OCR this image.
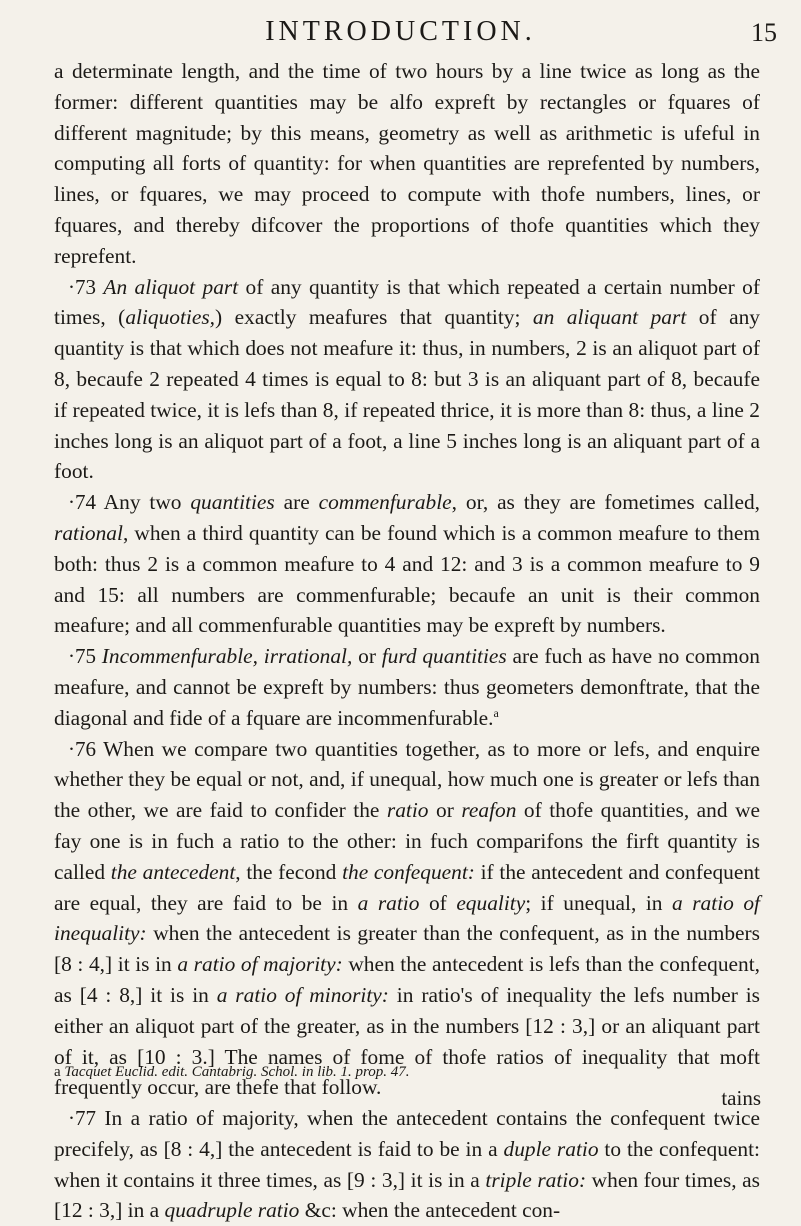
INTRODUCTION.	15

a determinate length, and the time of two hours by a line twice as long as the former: different quantities may be alfo expreft by rectangles or fquares of different magnitude; by this means, geometry as well as arithmetic is ufeful in computing all forts of quantity: for when quantities are reprefented by numbers, lines, or fquares, we may proceed to compute with thofe numbers, lines, or fquares, and thereby difcover the proportions of thofe quantities which they reprefent.

·73 An aliquot part of any quantity is that which repeated a certain number of times, (aliquoties,) exactly meafures that quantity; an aliquant part of any quantity is that which does not meafure it: thus, in numbers, 2 is an aliquot part of 8, becaufe 2 repeated 4 times is equal to 8: but 3 is an aliquant part of 8, becaufe if repeated twice, it is lefs than 8, if repeated thrice, it is more than 8: thus, a line 2 inches long is an aliquot part of a foot, a line 5 inches long is an aliquant part of a foot.

·74 Any two quantities are commenfurable, or, as they are fometimes called, rational, when a third quantity can be found which is a common meafure to them both: thus 2 is a common meafure to 4 and 12: and 3 is a common meafure to 9 and 15: all numbers are commenfurable; becaufe an unit is their common meafure; and all commenfurable quantities may be expreft by numbers.

·75 Incommenfurable, irrational, or furd quantities are fuch as have no common meafure, and cannot be expreft by numbers: thus geometers demonftrate, that the diagonal and fide of a fquare are incommenfurable.$^a$

·76 When we compare two quantities together, as to more or lefs, and enquire whether they be equal or not, and, if unequal, how much one is greater or lefs than the other, we are faid to confider the ratio or reafon of thofe quantities, and we fay one is in fuch a ratio to the other: in fuch comparifons the firft quantity is called the antecedent, the fecond the confequent: if the antecedent and confequent are equal, they are faid to be in a ratio of equality; if unequal, in a ratio of inequality: when the antecedent is greater than the confequent, as in the numbers [8 : 4,] it is in a ratio of majority: when the antecedent is lefs than the confequent, as [4 : 8,] it is in a ratio of minority: in ratio's of inequality the lefs number is either an aliquot part of the greater, as in the numbers [12 : 3,] or an aliquant part of it, as [10 : 3.] The names of fome of thofe ratios of inequality that moft frequently occur, are thefe that follow.

·77 In a ratio of majority, when the antecedent contains the confequent twice precifely, as [8 : 4,] the antecedent is faid to be in a duple ratio to the confequent: when it contains it three times, as [9 : 3,] it is in a triple ratio: when four times, as [12 : 3,] in a quadruple ratio &c: when the antecedent con-

a Tacquet Euclid. edit. Cantabrig. Schol. in lib. 1. prop. 47.
tains
